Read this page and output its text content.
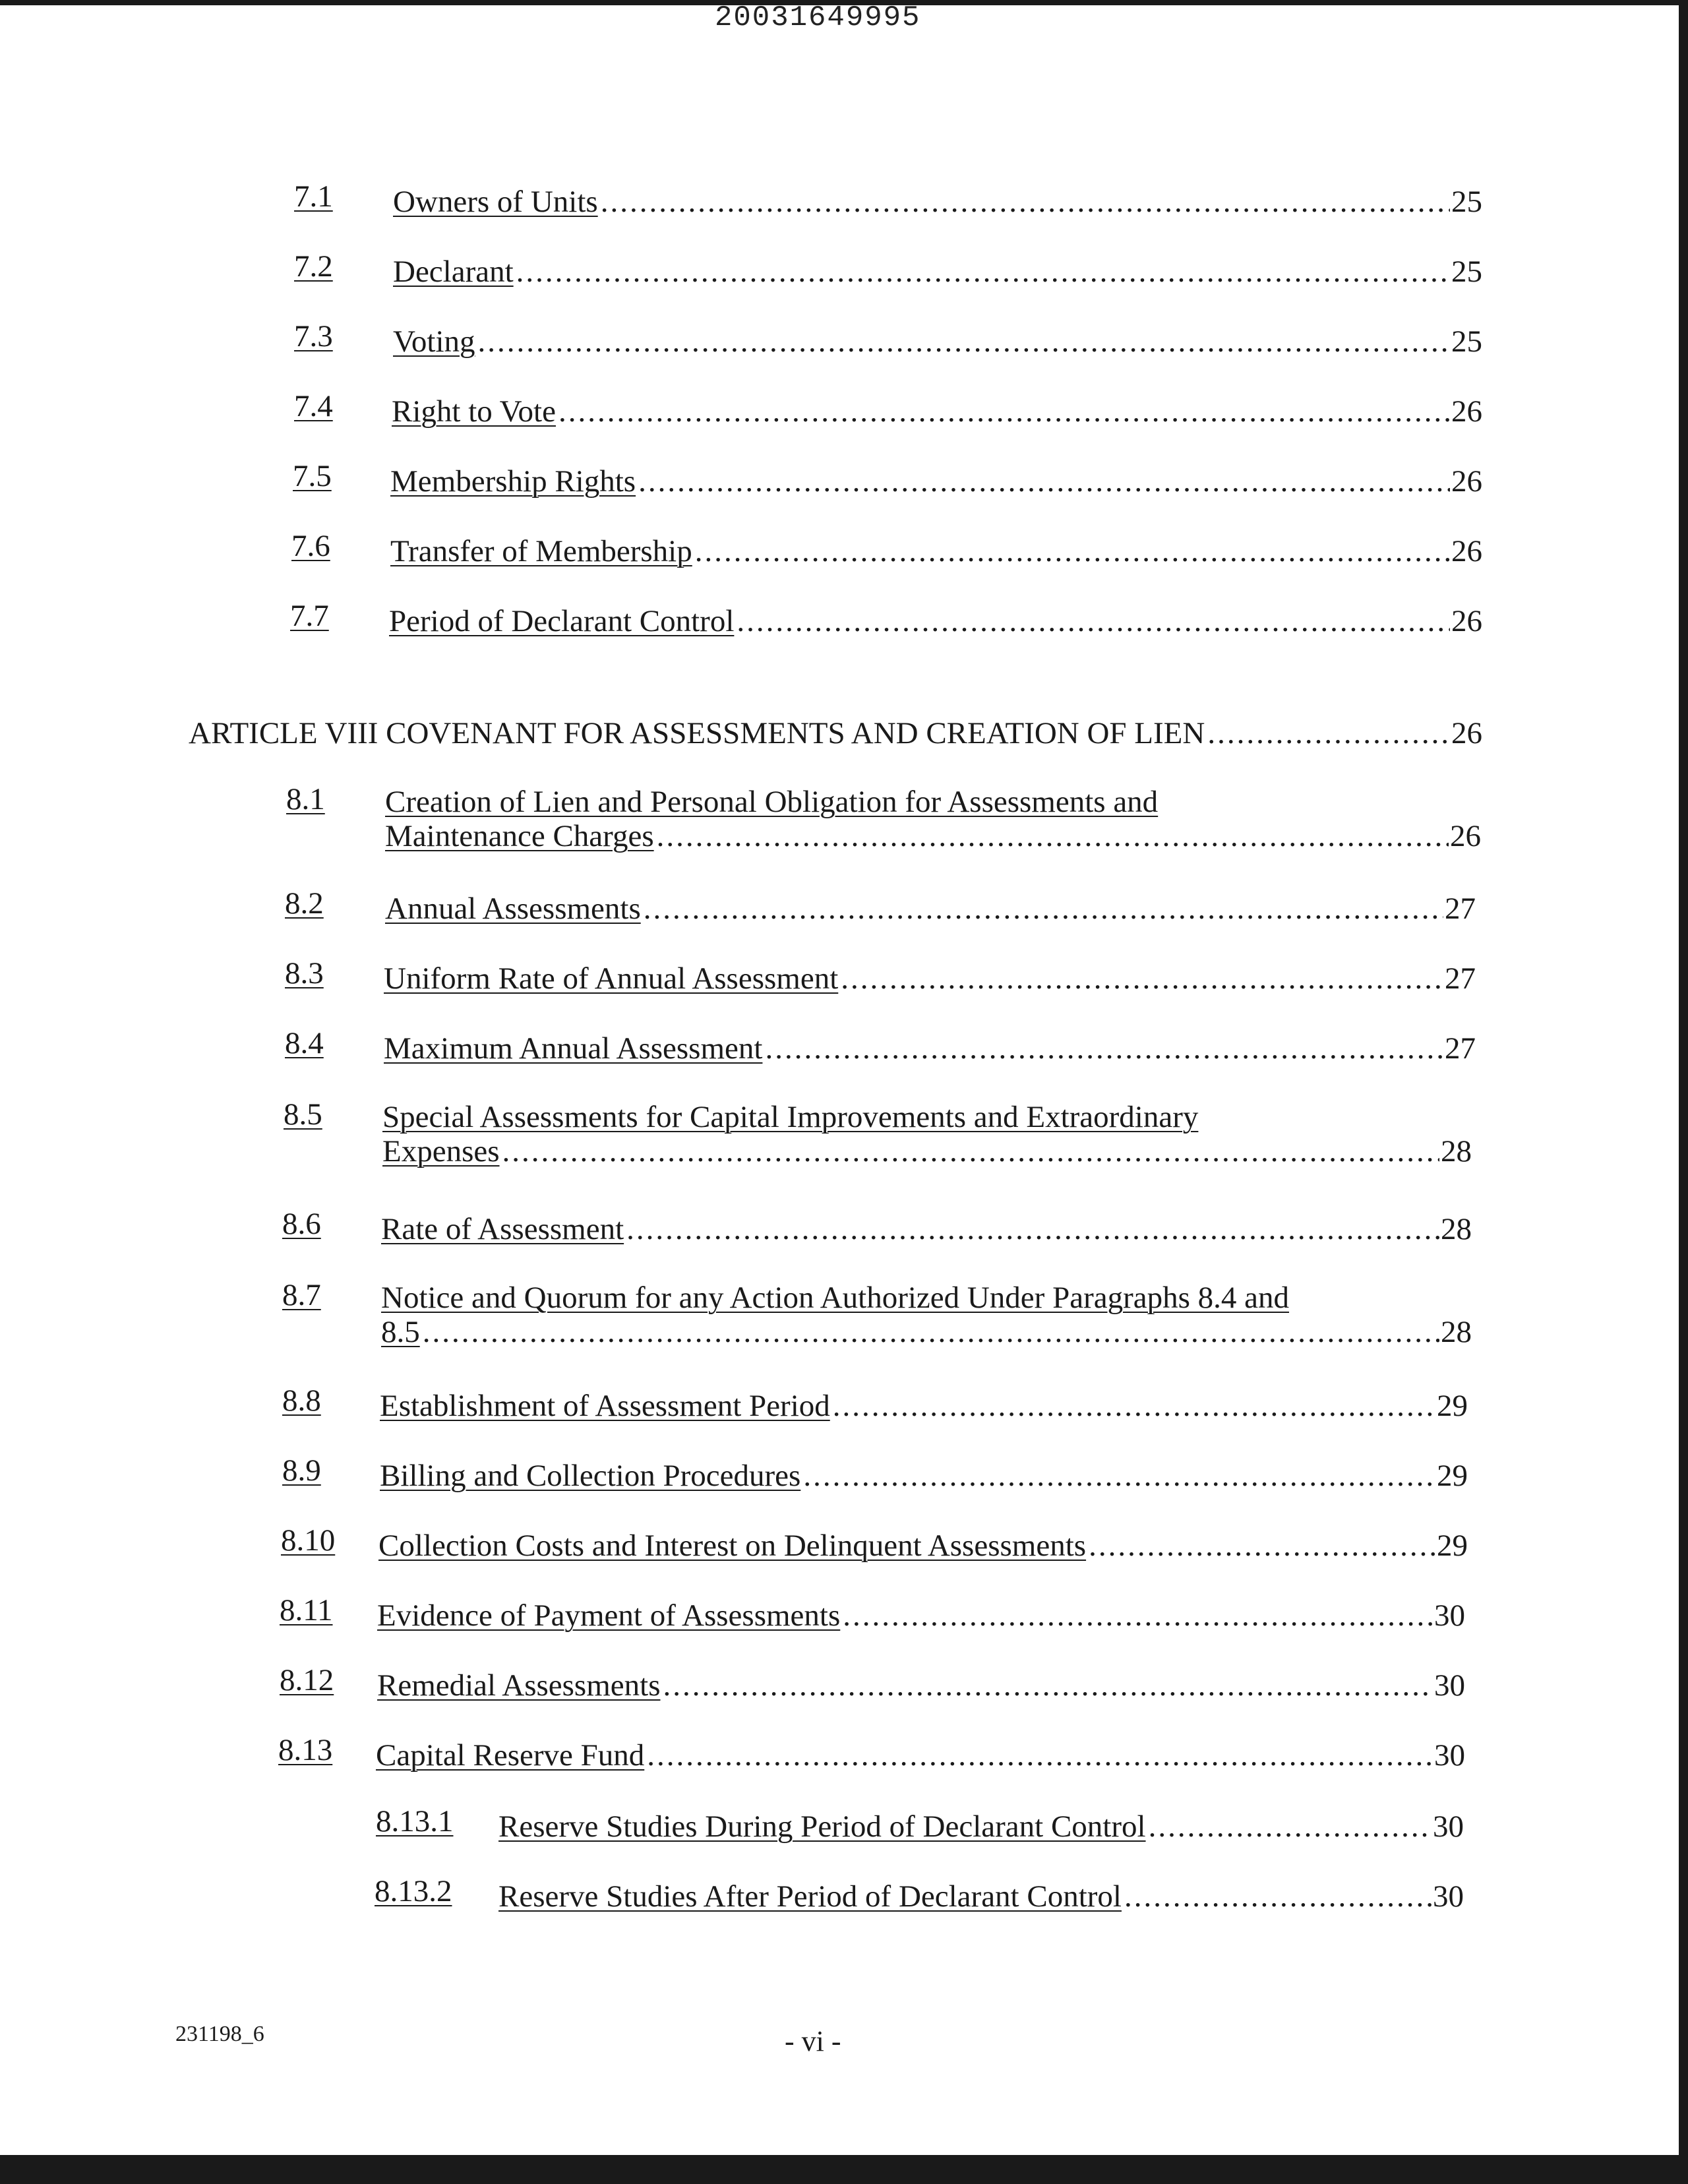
20031649995
7.1 Owners of Units .....	25
7.2 Declarant .....	25
7.3 Voting .....	25
7.4 Right to Vote .....	26
7.5 Membership Rights .....	26
7.6 Transfer of Membership .....	26
7.7 Period of Declarant Control .....	26
ARTICLE VIII COVENANT FOR ASSESSMENTS AND CREATION OF LIEN .....	26
8.1 Creation of Lien and Personal Obligation for Assessments and
Maintenance Charges .....	26
8.2 Annual Assessments .....	27
8.3 Uniform Rate of Annual Assessment .....	27
8.4 Maximum Annual Assessment .....	27
8.5 Special Assessments for Capital Improvements and Extraordinary
Expenses .....	28
8.6 Rate of Assessment .....	28
8.7 Notice and Quorum for any Action Authorized Under Paragraphs 8.4 and
8.5 .....	28
8.8 Establishment of Assessment Period .....	29
8.9 Billing and Collection Procedures .....	29
8.10 Collection Costs and Interest on Delinquent Assessments .....	29
8.11 Evidence of Payment of Assessments .....	30
8.12 Remedial Assessments .....	30
8.13 Capital Reserve Fund .....	30
8.13.1 Reserve Studies During Period of Declarant Control .....	30
8.13.2 Reserve Studies After Period of Declarant Control .....	30
231198_6	- vi -
